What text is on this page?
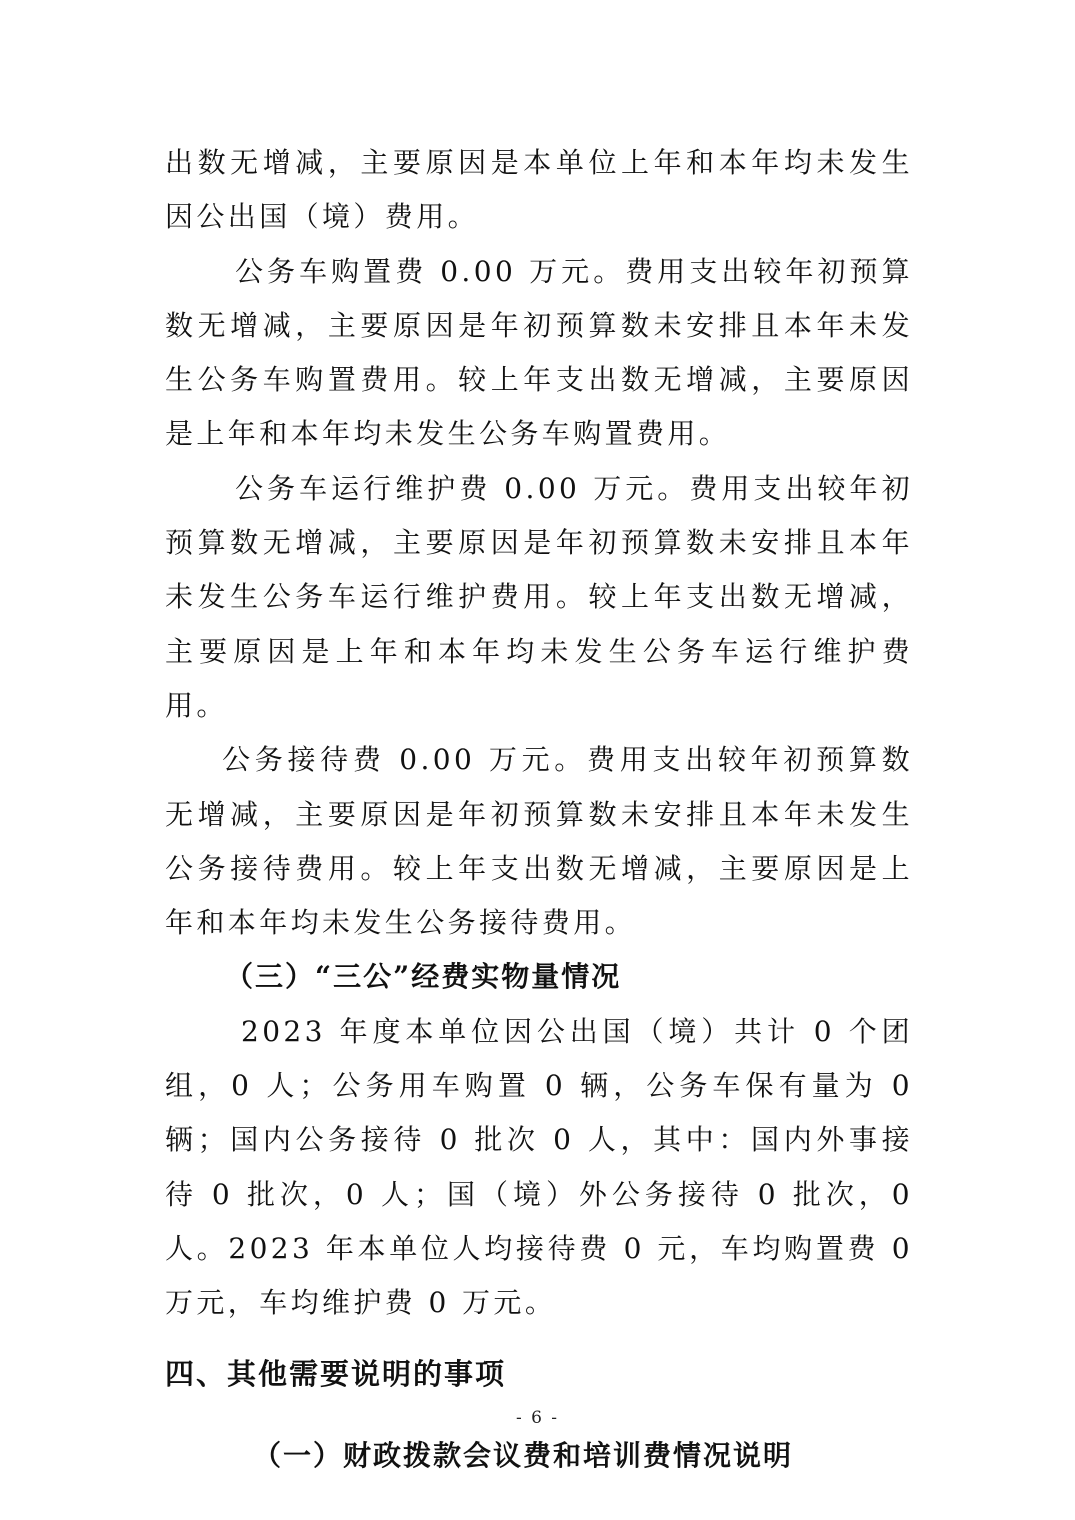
出数无增减，主要原因是本单位上年和本年均未发生因公出国（境）费用。

公务车购置费 0.00 万元。费用支出较年初预算数无增减，主要原因是年初预算数未安排且本年未发生公务车购置费用。较上年支出数无增减，主要原因是上年和本年均未发生公务车购置费用。

公务车运行维护费 0.00 万元。费用支出较年初预算数无增减，主要原因是年初预算数未安排且本年未发生公务车运行维护费用。较上年支出数无增减，主要原因是上年和本年均未发生公务车运行维护费用。

公务接待费 0.00 万元。费用支出较年初预算数无增减，主要原因是年初预算数未安排且本年未发生公务接待费用。较上年支出数无增减，主要原因是上年和本年均未发生公务接待费用。

（三）“三公”经费实物量情况

2023 年度本单位因公出国（境）共计 0 个团组，0 人；公务用车购置 0 辆，公务车保有量为 0 辆；国内公务接待 0 批次 0 人，其中：国内外事接待 0 批次，0 人；国（境）外公务接待 0 批次，0 人。2023 年本单位人均接待费 0 元，车均购置费 0 万元，车均维护费 0 万元。

四、其他需要说明的事项
（一）财政拨款会议费和培训费情况说明
- 6 -
